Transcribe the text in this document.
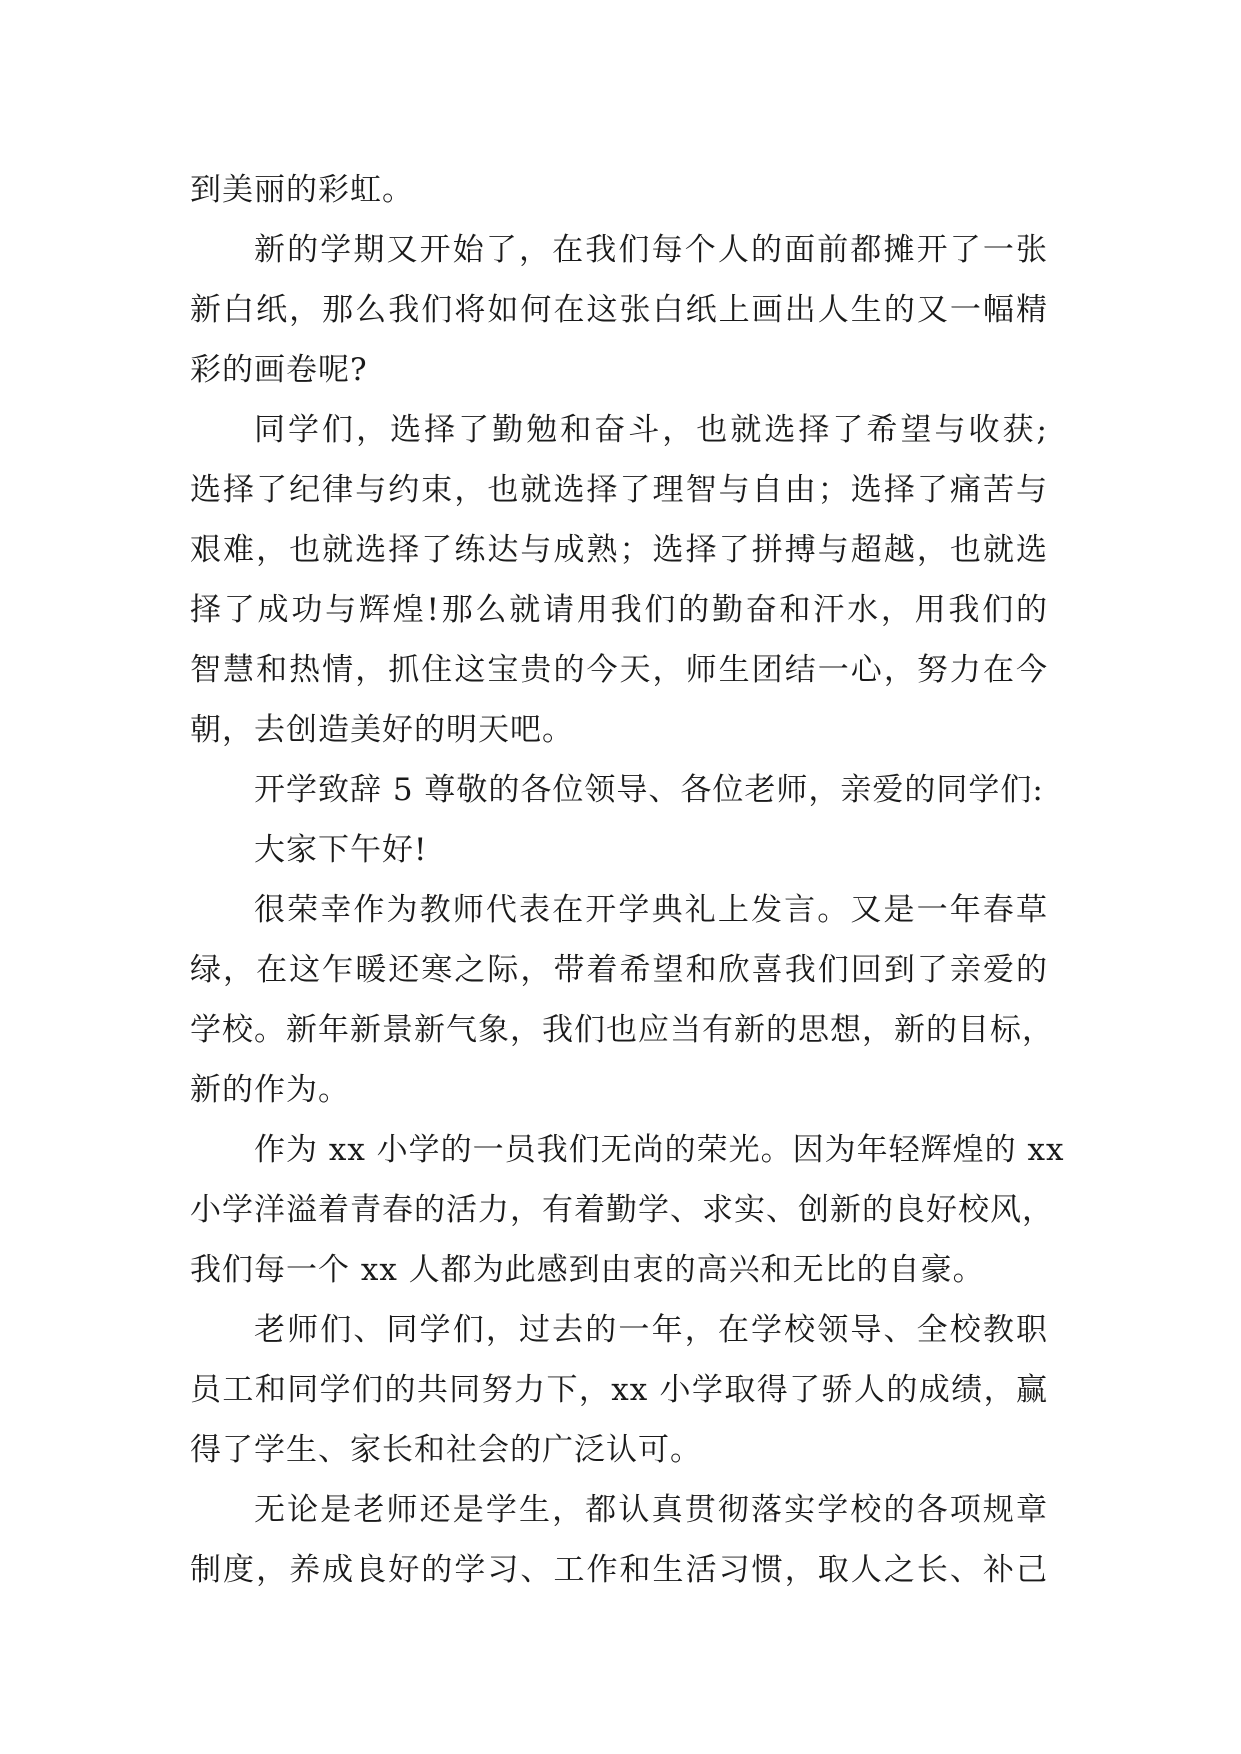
到美丽的彩虹。
新的学期又开始了，在我们每个人的面前都摊开了一张
新白纸，那么我们将如何在这张白纸上画出人生的又一幅精
彩的画卷呢?
同学们，选择了勤勉和奋斗，也就选择了希望与收获;
选择了纪律与约束，也就选择了理智与自由；选择了痛苦与
艰难，也就选择了练达与成熟；选择了拼搏与超越，也就选
择了成功与辉煌!那么就请用我们的勤奋和汗水，用我们的
智慧和热情，抓住这宝贵的今天，师生团结一心，努力在今
朝，去创造美好的明天吧。
开学致辞 5 尊敬的各位领导、各位老师，亲爱的同学们:
大家下午好!
很荣幸作为教师代表在开学典礼上发言。又是一年春草
绿，在这乍暖还寒之际，带着希望和欣喜我们回到了亲爱的
学校。新年新景新气象，我们也应当有新的思想，新的目标，
新的作为。
作为 xx 小学的一员我们无尚的荣光。因为年轻辉煌的 xx
小学洋溢着青春的活力，有着勤学、求实、创新的良好校风，
我们每一个 xx 人都为此感到由衷的高兴和无比的自豪。
老师们、同学们，过去的一年，在学校领导、全校教职
员工和同学们的共同努力下，xx 小学取得了骄人的成绩，赢
得了学生、家长和社会的广泛认可。
无论是老师还是学生，都认真贯彻落实学校的各项规章
制度，养成良好的学习、工作和生活习惯，取人之长、补己
